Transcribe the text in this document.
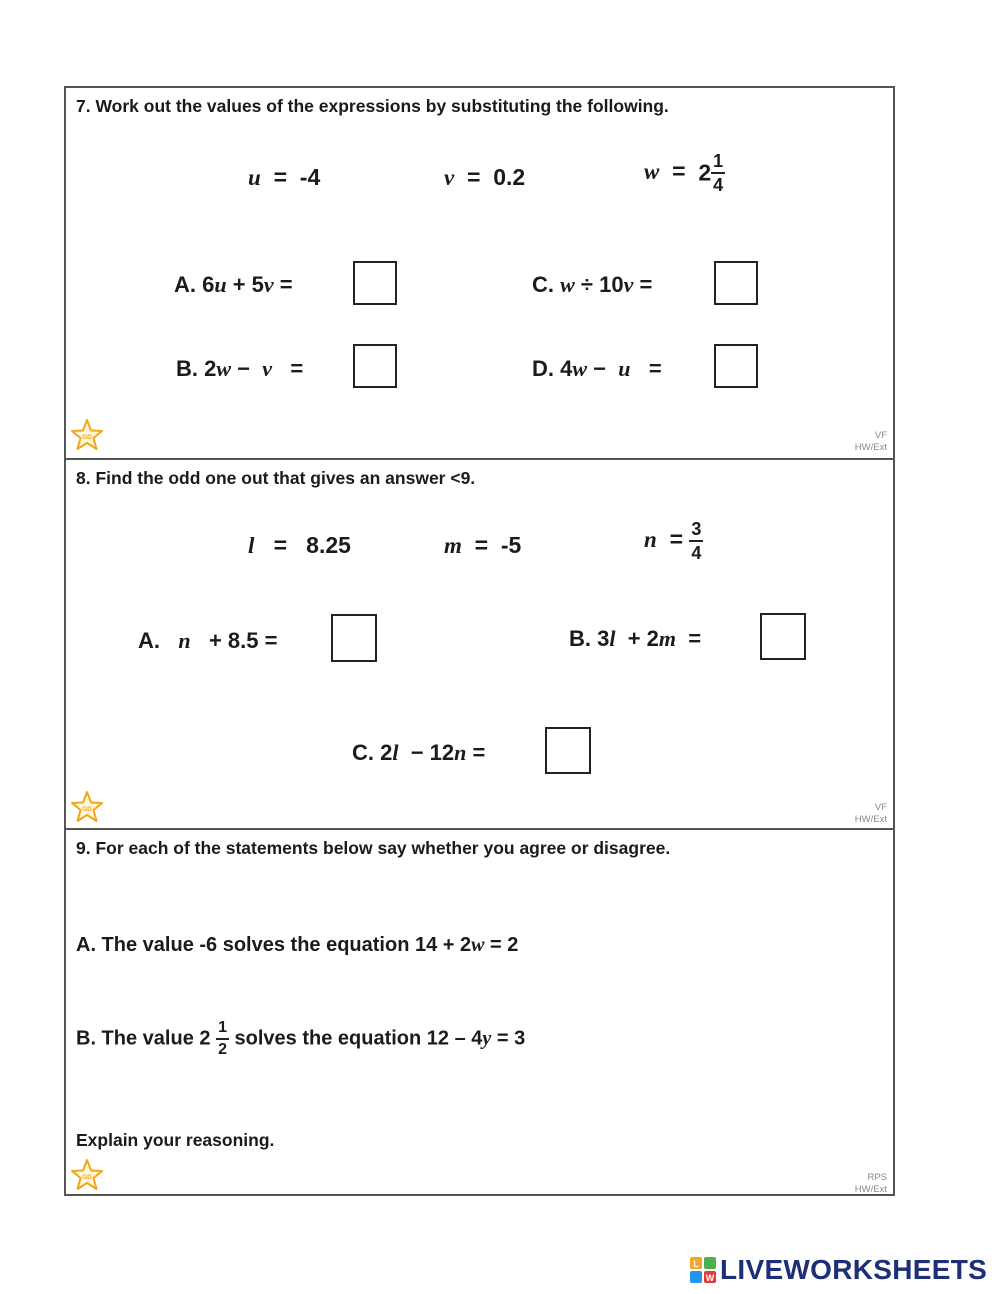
7. Work out the values of the expressions by substituting the following.
u = -4	v = 0.2	$w = 2 \frac{1}{4}$
A. 6u + 5v =	C. w ÷ 10v =
B. 2w −  v   =	D. 4w −  u   =
GD	VF
HW/Ext
8. Find the odd one out that gives an answer <9.
l = 8.25	m = -5	$n = \frac{3}{4}$
A.   n   + 8.5 =	B. 3l  + 2m  =
C. 2l  − 12n =
GD	VF
HW/Ext
9. For each of the statements below say whether you agree or disagree.
A. The value -6 solves the equation 14 + 2w = 2
B. The value $2 \frac{1}{2}$ solves the equation 12 – 4y = 3
Explain your reasoning.
GD	RPS
HW/Ext
L
W LIVEWORKSHEETS
